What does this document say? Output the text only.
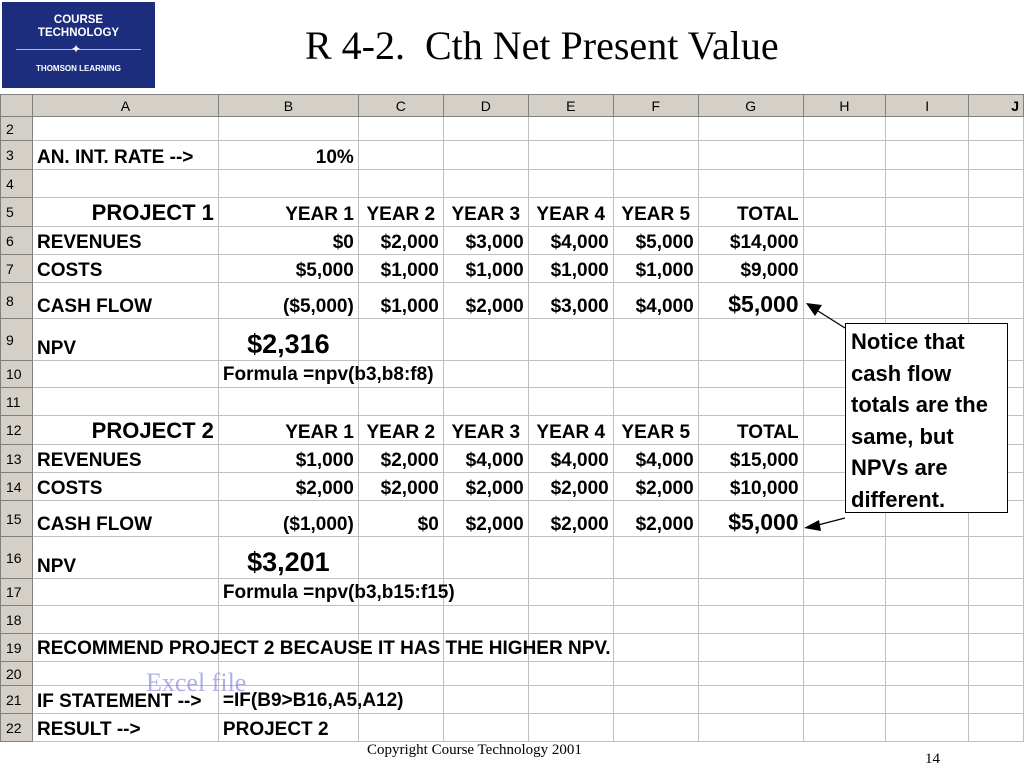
COURSE
TECHNOLOGY
✦
THOMSON LEARNING
R 4-2.  Cth Net Present Value
	A	B	C	D	E	F	G	H	I	J
2										
3	AN. INT. RATE -->	10%								
4										
5	PROJECT 1	YEAR 1	YEAR 2	YEAR 3	YEAR 4	YEAR 5	TOTAL			
6	REVENUES	$0	$2,000	$3,000	$4,000	$5,000	$14,000			
7	COSTS	$5,000	$1,000	$1,000	$1,000	$1,000	$9,000			
8	CASH FLOW	($5,000)	$1,000	$2,000	$3,000	$4,000	$5,000			
9	NPV	$2,316								
10		Formula =npv(b3,b8:f8)								

11										
12	PROJECT 2	YEAR 1	YEAR 2	YEAR 3	YEAR 4	YEAR 5	TOTAL			
13	REVENUES	$1,000	$2,000	$4,000	$4,000	$4,000	$15,000			
14	COSTS	$2,000	$2,000	$2,000	$2,000	$2,000	$10,000			
15	CASH FLOW	($1,000)	$0	$2,000	$2,000	$2,000	$5,000			
16	NPV	$3,201								
17		Formula =npv(b3,b15:f15)								

18										
19	RECOMMEND PROJECT 2 BECAUSE IT HAS THE HIGHER NPV.									

20										
21	IF STATEMENT -->	=IF(B9>B16,A5,A12)								

22	RESULT -->	PROJECT 2								
Notice that
cash flow
totals are the
same, but
NPVs are
different.
Excel file
Copyright Course Technology 2001
14
